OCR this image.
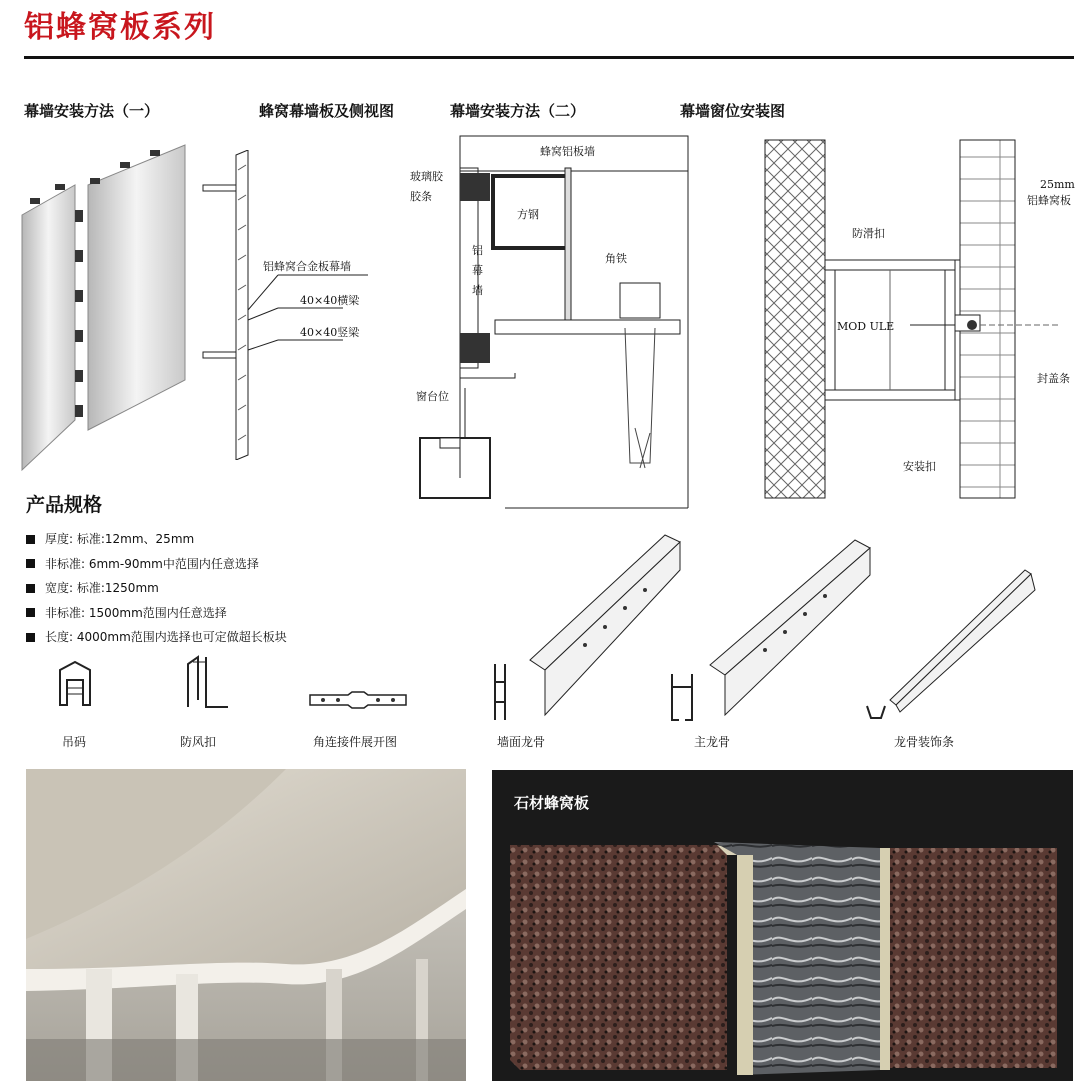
铝蜂窝板系列
幕墙安装方法（一）	蜂窝幕墙板及侧视图	幕墙安装方法（二）	幕墙窗位安装图
铝蜂窝合金板幕墙
40×40横梁
40×40竖梁
蜂窝铝板墙
玻璃胶
胶条
方钢
铝
幕
墙
角铁
窗台位
25mm
铝蜂窝板
防滑扣
MOD ULE
封盖条
安装扣
产品规格
厚度: 标准:12mm、25mm
非标准: 6mm-90mm中范围内任意选择
宽度: 标准:1250mm
非标准: 1500mm范围内任意选择
长度: 4000mm范围内选择也可定做超长板块
吊码	防风扣	角连接件展开图	墙面龙骨	主龙骨	龙骨装饰条
石材蜂窝板
